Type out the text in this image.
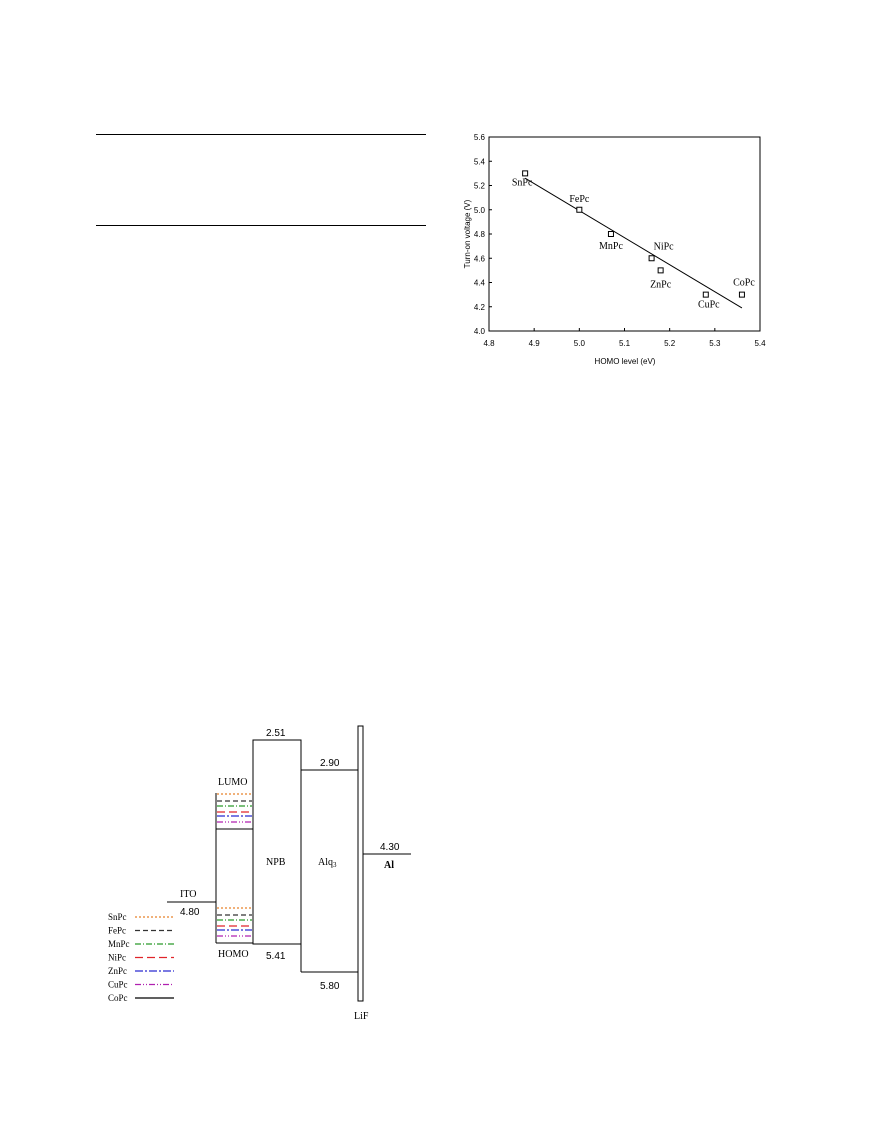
4.8	4.9	5.0	5.1	5.2	5.3	5.4
4.0
4.2
4.4
4.6
4.8
5.0
5.2
5.4
5.6
SnPc
FePc
MnPc	NiPc
ZnPc
CuPc
CoPc
HOMO level (eV)
Turn-on voltage (V)
2.51
2.90
LUMO
NPB	Alq$_3$
4.30
Al
ITO
4.80
HOMO 5.41
5.80
LiF
SnPc
FePc
MnPc
NiPc
ZnPc
CuPc
CoPc
